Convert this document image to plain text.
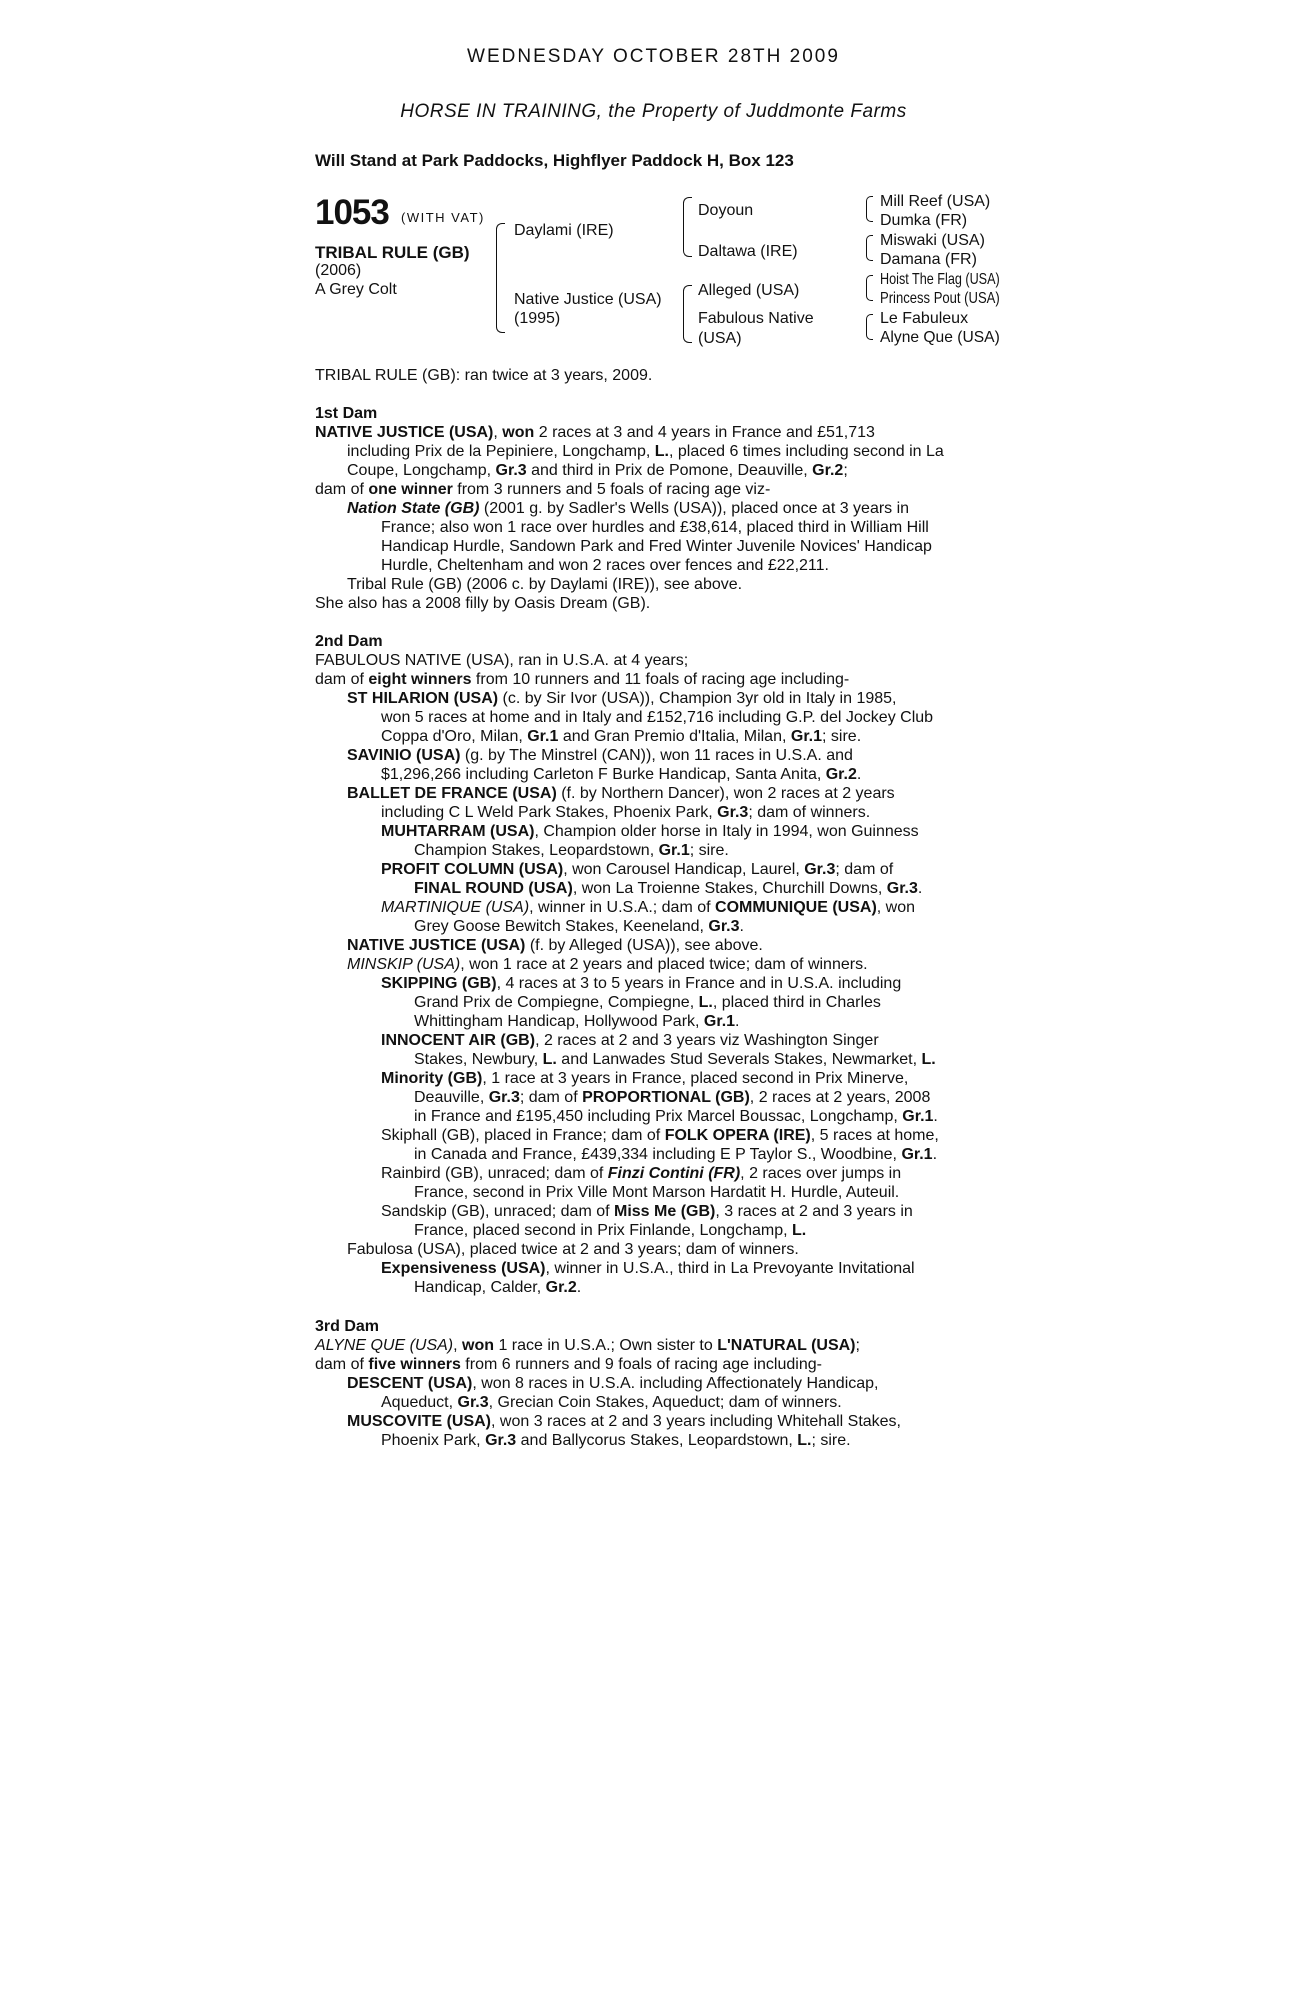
WEDNESDAY OCTOBER 28TH 2009
HORSE IN TRAINING, the Property of Juddmonte Farms
Will Stand at Park Paddocks, Highflyer Paddock H, Box 123
1053 (WITH VAT)
TRIBAL RULE (GB)
(2006)
A Grey Colt
Daylami (IRE)
Native Justice (USA)
(1995)
Doyoun
Daltawa (IRE)
Alleged (USA)
Fabulous Native
(USA)
Mill Reef (USA)
Dumka (FR)
Miswaki (USA)
Damana (FR)
Hoist The Flag (USA)
Princess Pout (USA)
Le Fabuleux
Alyne Que (USA)
TRIBAL RULE (GB): ran twice at 3 years, 2009.
1st Dam
NATIVE JUSTICE (USA), won 2 races at 3 and 4 years in France and £51,713
including Prix de la Pepiniere, Longchamp, L., placed 6 times including second in La
Coupe, Longchamp, Gr.3 and third in Prix de Pomone, Deauville, Gr.2;
dam of one winner from 3 runners and 5 foals of racing age viz-
Nation State (GB) (2001 g. by Sadler's Wells (USA)), placed once at 3 years in
France; also won 1 race over hurdles and £38,614, placed third in William Hill
Handicap Hurdle, Sandown Park and Fred Winter Juvenile Novices' Handicap
Hurdle, Cheltenham and won 2 races over fences and £22,211.
Tribal Rule (GB) (2006 c. by Daylami (IRE)), see above.
She also has a 2008 filly by Oasis Dream (GB).
2nd Dam
FABULOUS NATIVE (USA), ran in U.S.A. at 4 years;
dam of eight winners from 10 runners and 11 foals of racing age including-
ST HILARION (USA) (c. by Sir Ivor (USA)), Champion 3yr old in Italy in 1985,
won 5 races at home and in Italy and £152,716 including G.P. del Jockey Club
Coppa d'Oro, Milan, Gr.1 and Gran Premio d'Italia, Milan, Gr.1; sire.
SAVINIO (USA) (g. by The Minstrel (CAN)), won 11 races in U.S.A. and
$1,296,266 including Carleton F Burke Handicap, Santa Anita, Gr.2.
BALLET DE FRANCE (USA) (f. by Northern Dancer), won 2 races at 2 years
including C L Weld Park Stakes, Phoenix Park, Gr.3; dam of winners.
MUHTARRAM (USA), Champion older horse in Italy in 1994, won Guinness
Champion Stakes, Leopardstown, Gr.1; sire.
PROFIT COLUMN (USA), won Carousel Handicap, Laurel, Gr.3; dam of
FINAL ROUND (USA), won La Troienne Stakes, Churchill Downs, Gr.3.
MARTINIQUE (USA), winner in U.S.A.; dam of COMMUNIQUE (USA), won
Grey Goose Bewitch Stakes, Keeneland, Gr.3.
NATIVE JUSTICE (USA) (f. by Alleged (USA)), see above.
MINSKIP (USA), won 1 race at 2 years and placed twice; dam of winners.
SKIPPING (GB), 4 races at 3 to 5 years in France and in U.S.A. including
Grand Prix de Compiegne, Compiegne, L., placed third in Charles
Whittingham Handicap, Hollywood Park, Gr.1.
INNOCENT AIR (GB), 2 races at 2 and 3 years viz Washington Singer
Stakes, Newbury, L. and Lanwades Stud Severals Stakes, Newmarket, L.
Minority (GB), 1 race at 3 years in France, placed second in Prix Minerve,
Deauville, Gr.3; dam of PROPORTIONAL (GB), 2 races at 2 years, 2008
in France and £195,450 including Prix Marcel Boussac, Longchamp, Gr.1.
Skiphall (GB), placed in France; dam of FOLK OPERA (IRE), 5 races at home,
in Canada and France, £439,334 including E P Taylor S., Woodbine, Gr.1.
Rainbird (GB), unraced; dam of Finzi Contini (FR), 2 races over jumps in
France, second in Prix Ville Mont Marson Hardatit H. Hurdle, Auteuil.
Sandskip (GB), unraced; dam of Miss Me (GB), 3 races at 2 and 3 years in
France, placed second in Prix Finlande, Longchamp, L.
Fabulosa (USA), placed twice at 2 and 3 years; dam of winners.
Expensiveness (USA), winner in U.S.A., third in La Prevoyante Invitational
Handicap, Calder, Gr.2.
3rd Dam
ALYNE QUE (USA), won 1 race in U.S.A.; Own sister to L'NATURAL (USA);
dam of five winners from 6 runners and 9 foals of racing age including-
DESCENT (USA), won 8 races in U.S.A. including Affectionately Handicap,
Aqueduct, Gr.3, Grecian Coin Stakes, Aqueduct; dam of winners.
MUSCOVITE (USA), won 3 races at 2 and 3 years including Whitehall Stakes,
Phoenix Park, Gr.3 and Ballycorus Stakes, Leopardstown, L.; sire.
